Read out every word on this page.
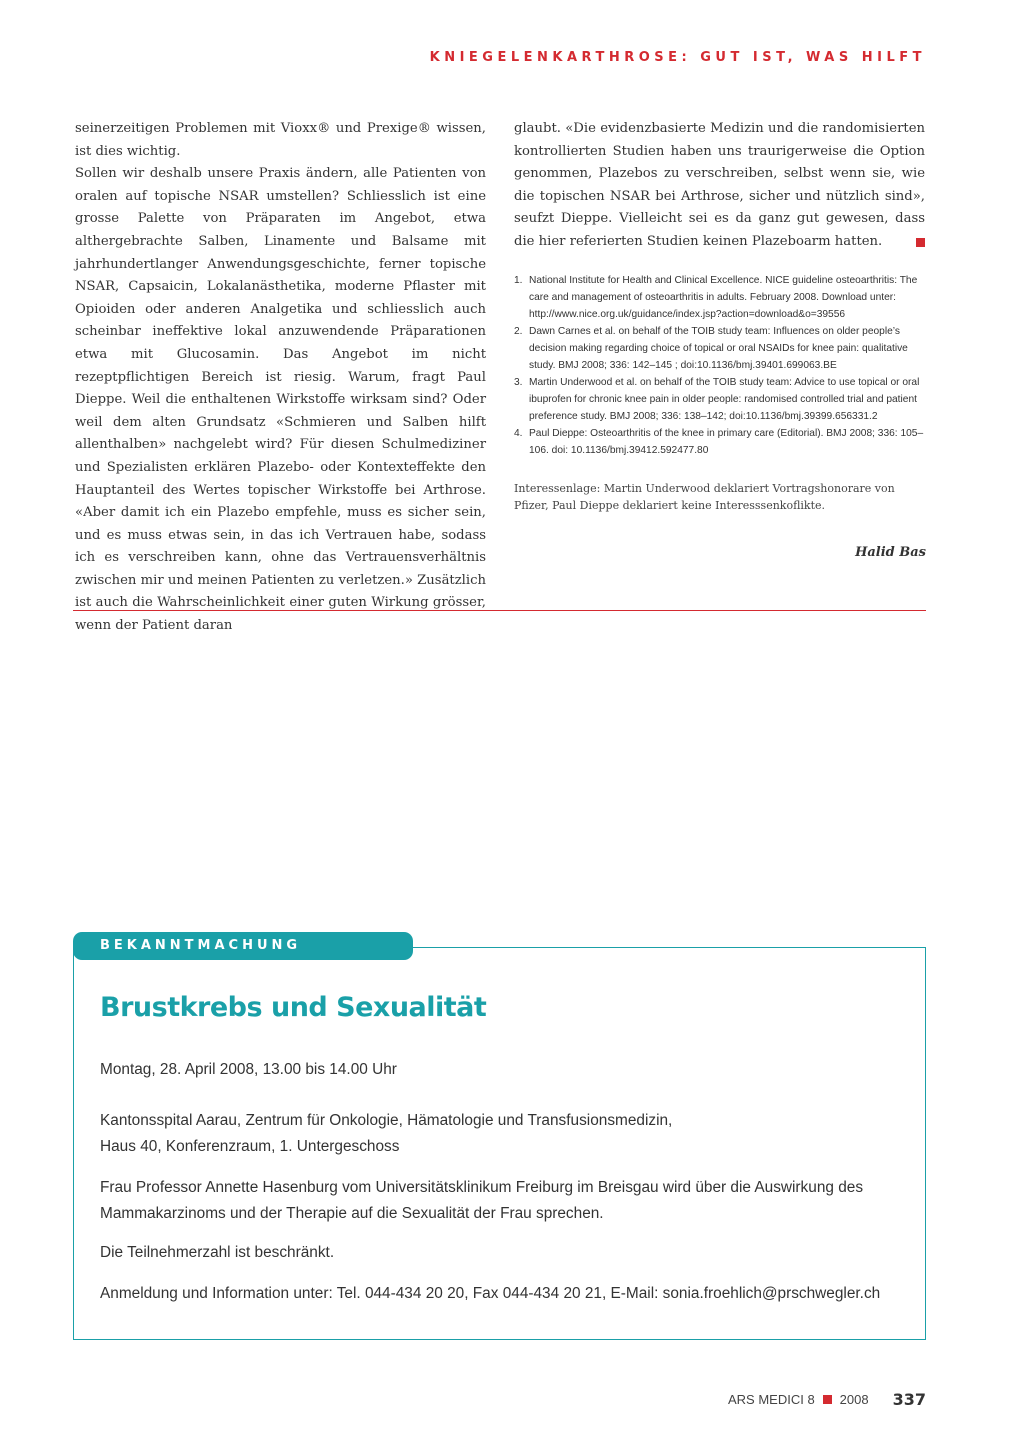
KNIEGELENKARTHROSE: GUT IST, WAS HILFT

seinerzeitigen Problemen mit Vioxx® und Prexige® wissen, ist dies wichtig.

Sollen wir deshalb unsere Praxis ändern, alle Patienten von oralen auf topische NSAR umstellen? Schliesslich ist eine grosse Palette von Präparaten im Angebot, etwa althergebrachte Salben, Linamente und Balsame mit jahrhundertlanger Anwendungsgeschichte, ferner topische NSAR, Capsaicin, Lokalanästhetika, moderne Pflaster mit Opioiden oder anderen Analgetika und schliesslich auch scheinbar ineffektive lokal anzuwendende Präparationen etwa mit Glucosamin. Das Angebot im nicht rezeptpflichtigen Bereich ist riesig. Warum, fragt Paul Dieppe. Weil die enthaltenen Wirkstoffe wirksam sind? Oder weil dem alten Grundsatz «Schmieren und Salben hilft allenthalben» nachgelebt wird? Für diesen Schulmediziner und Spezialisten erklären Plazebo- oder Kontexteffekte den Hauptanteil des Wertes topischer Wirkstoffe bei Arthrose. «Aber damit ich ein Plazebo empfehle, muss es sicher sein, und es muss etwas sein, in das ich Vertrauen habe, sodass ich es verschreiben kann, ohne das Vertrauensverhältnis zwischen mir und meinen Patienten zu verletzen.» Zusätzlich ist auch die Wahrscheinlichkeit einer guten Wirkung grösser, wenn der Patient daran

glaubt. «Die evidenzbasierte Medizin und die randomisierten kontrollierten Studien haben uns traurigerweise die Option genommen, Plazebos zu verschreiben, selbst wenn sie, wie die topischen NSAR bei Arthrose, sicher und nützlich sind», seufzt Dieppe. Vielleicht sei es da ganz gut gewesen, dass die hier referierten Studien keinen Plazeboarm hatten.

1. National Institute for Health and Clinical Excellence. NICE guideline osteoarthritis: The care and management of osteoarthritis in adults. February 2008. Download unter: http://www.nice.org.uk/guidance/index.jsp?action=download&o=39556
2. Dawn Carnes et al. on behalf of the TOIB study team: Influences on older people’s decision making regarding choice of topical or oral NSAIDs for knee pain: qualitative study. BMJ 2008; 336: 142–145 ; doi:10.1136/bmj.39401.699063.BE
3. Martin Underwood et al. on behalf of the TOIB study team: Advice to use topical or oral ibuprofen for chronic knee pain in older people: randomised controlled trial and patient preference study. BMJ 2008; 336: 138–142; doi:10.1136/bmj.39399.656331.2
4. Paul Dieppe: Osteoarthritis of the knee in primary care (Editorial). BMJ 2008; 336: 105–106. doi: 10.1136/bmj.39412.592477.80
Interessenlage: Martin Underwood deklariert Vortragshonorare von Pfizer, Paul Dieppe deklariert keine Interesssenkoflikte.
Halid Bas
BEKANNTMACHUNG
Brustkrebs und Sexualität
Montag, 28. April 2008, 13.00 bis 14.00 Uhr
Kantonsspital Aarau, Zentrum für Onkologie, Hämatologie und Transfusionsmedizin,
Haus 40, Konferenzraum, 1. Untergeschoss
Frau Professor Annette Hasenburg vom Universitätsklinikum Freiburg im Breisgau wird über die Auswirkung des Mammakarzinoms und der Therapie auf die Sexualität der Frau sprechen.
Die Teilnehmerzahl ist beschränkt.
Anmeldung und Information unter: Tel. 044-434 20 20, Fax 044-434 20 21, E-Mail: sonia.froehlich@prschwegler.ch
ARS MEDICI 8 2008 337
